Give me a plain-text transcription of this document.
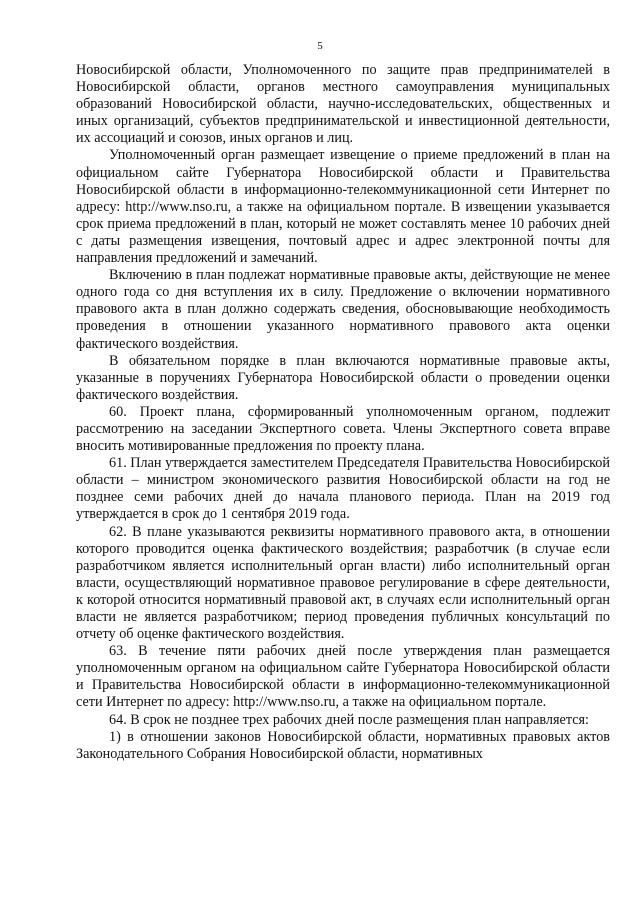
5

Новосибирской области, Уполномоченного по защите прав предпринимателей в Новосибирской области, органов местного самоуправления муниципальных образований Новосибирской области, научно-исследовательских, общественных и иных организаций, субъектов предпринимательской и инвестиционной деятельности, их ассоциаций и союзов, иных органов и лиц.

Уполномоченный орган размещает извещение о приеме предложений в план на официальном сайте Губернатора Новосибирской области и Правительства Новосибирской области в информационно-телекоммуникационной сети Интернет по адресу: http://www.nso.ru, а также на официальном портале. В извещении указывается срок приема предложений в план, который не может составлять менее 10 рабочих дней с даты размещения извещения, почтовый адрес и адрес электронной почты для направления предложений и замечаний.

Включению в план подлежат нормативные правовые акты, действующие не менее одного года со дня вступления их в силу. Предложение о включении нормативного правового акта в план должно содержать сведения, обосновывающие необходимость проведения в отношении указанного нормативного правового акта оценки фактического воздействия.

В обязательном порядке в план включаются нормативные правовые акты, указанные в поручениях Губернатора Новосибирской области о проведении оценки фактического воздействия.

60. Проект плана, сформированный уполномоченным органом, подлежит рассмотрению на заседании Экспертного совета. Члены Экспертного совета вправе вносить мотивированные предложения по проекту плана.

61. План утверждается заместителем Председателя Правительства Новосибирской области – министром экономического развития Новосибирской области на год не позднее семи рабочих дней до начала планового периода. План на 2019 год утверждается в срок до 1 сентября 2019 года.

62. В плане указываются реквизиты нормативного правового акта, в отношении которого проводится оценка фактического воздействия; разработчик (в случае если разработчиком является исполнительный орган власти) либо исполнительный орган власти, осуществляющий нормативное правовое регулирование в сфере деятельности, к которой относится нормативный правовой акт, в случаях если исполнительный орган власти не является разработчиком; период проведения публичных консультаций по отчету об оценке фактического воздействия.

63. В течение пяти рабочих дней после утверждения план размещается уполномоченным органом на официальном сайте Губернатора Новосибирской области и Правительства Новосибирской области в информационно-телекоммуникационной сети Интернет по адресу: http://www.nso.ru, а также на официальном портале.

64. В срок не позднее трех рабочих дней после размещения план направляется:

1) в отношении законов Новосибирской области, нормативных правовых актов Законодательного Собрания Новосибирской области, нормативных
